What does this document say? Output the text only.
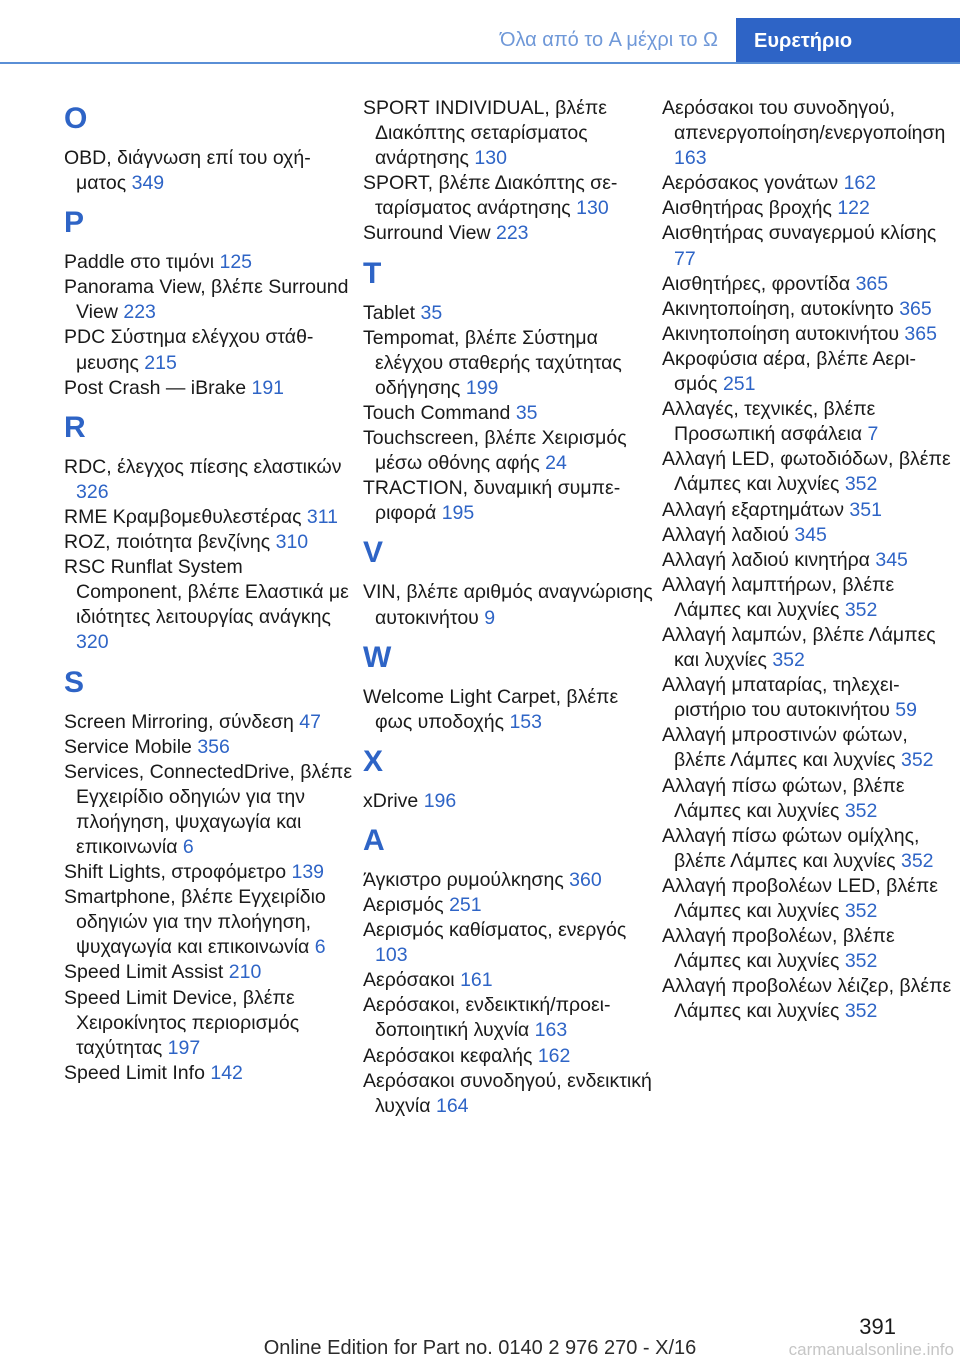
Όλα από το A μέχρι το Ω	Ευρετήριο
O

OBD, διάγνωση επί του οχήματος 349

P

Paddle στο τιμόνι 125

Panorama View, βλέπε Surround View 223

PDC Σύστημα ελέγχου στάθμευσης 215

Post Crash — iBrake 191

R

RDC, έλεγχος πίεσης ελαστικών 326

RME Κραμβομεθυλεστέρας 311

ROZ, ποιότητα βενζίνης 310

RSC Runflat System Component, βλέπε Ελαστικά με ιδιότητες λειτουργίας ανάγκης 320

S

Screen Mirroring, σύνδεση 47

Service Mobile 356

Services, ConnectedDrive, βλέπε Εγχειρίδιο οδηγιών για την πλοήγηση, ψυχαγωγία και επικοινωνία 6

Shift Lights, στροφόμετρο 139

Smartphone, βλέπε Εγχειρίδιο οδηγιών για την πλοήγηση, ψυχαγωγία και επικοινωνία 6

Speed Limit Assist 210

Speed Limit Device, βλέπε Χειροκίνητος περιορισμός ταχύτητας 197

Speed Limit Info 142

SPORT INDIVIDUAL, βλέπε Διακόπτης σεταρίσματος ανάρτησης 130

SPORT, βλέπε Διακόπτης σεταρίσματος ανάρτησης 130

Surround View 223

T

Tablet 35

Tempomat, βλέπε Σύστημα ελέγχου σταθερής ταχύτητας οδήγησης 199

Touch Command 35

Touchscreen, βλέπε Χειρισμός μέσω οθόνης αφής 24

TRACTION, δυναμική συμπεριφορά 195

V

VIN, βλέπε αριθμός αναγνώρισης αυτοκινήτου 9

W

Welcome Light Carpet, βλέπε φως υποδοχής 153

X

xDrive 196

A

Άγκιστρο ρυμούλκησης 360

Αερισμός 251

Αερισμός καθίσματος, ενεργός 103

Αερόσακοι 161

Αερόσακοι, ενδεικτική/προειδοποιητική λυχνία 163

Αερόσακοι κεφαλής 162

Αερόσακοι συνοδηγού, ενδεικτική λυχνία 164

Αερόσακοι του συνοδηγού, απενεργοποίηση/ενεργοποίηση 163

Αερόσακος γονάτων 162

Αισθητήρας βροχής 122

Αισθητήρας συναγερμού κλίσης 77

Αισθητήρες, φροντίδα 365

Ακινητοποίηση, αυτοκίνητο 365

Ακινητοποίηση αυτοκινήτου 365

Ακροφύσια αέρα, βλέπε Αερισμός 251

Αλλαγές, τεχνικές, βλέπε Προσωπική ασφάλεια 7

Αλλαγή LED, φωτοδιόδων, βλέπε Λάμπες και λυχνίες 352

Αλλαγή εξαρτημάτων 351

Αλλαγή λαδιού 345

Αλλαγή λαδιού κινητήρα 345

Αλλαγή λαμπτήρων, βλέπε Λάμπες και λυχνίες 352

Αλλαγή λαμπών, βλέπε Λάμπες και λυχνίες 352

Αλλαγή μπαταρίας, τηλεχειριστήριο του αυτοκινήτου 59

Αλλαγή μπροστινών φώτων, βλέπε Λάμπες και λυχνίες 352

Αλλαγή πίσω φώτων, βλέπε Λάμπες και λυχνίες 352

Αλλαγή πίσω φώτων ομίχλης, βλέπε Λάμπες και λυχνίες 352

Αλλαγή προβολέων LED, βλέπε Λάμπες και λυχνίες 352

Αλλαγή προβολέων, βλέπε Λάμπες και λυχνίες 352

Αλλαγή προβολέων λέιζερ, βλέπε Λάμπες και λυχνίες 352

391
Online Edition for Part no. 0140 2 976 270 - X/16	carmanualsonline.info
